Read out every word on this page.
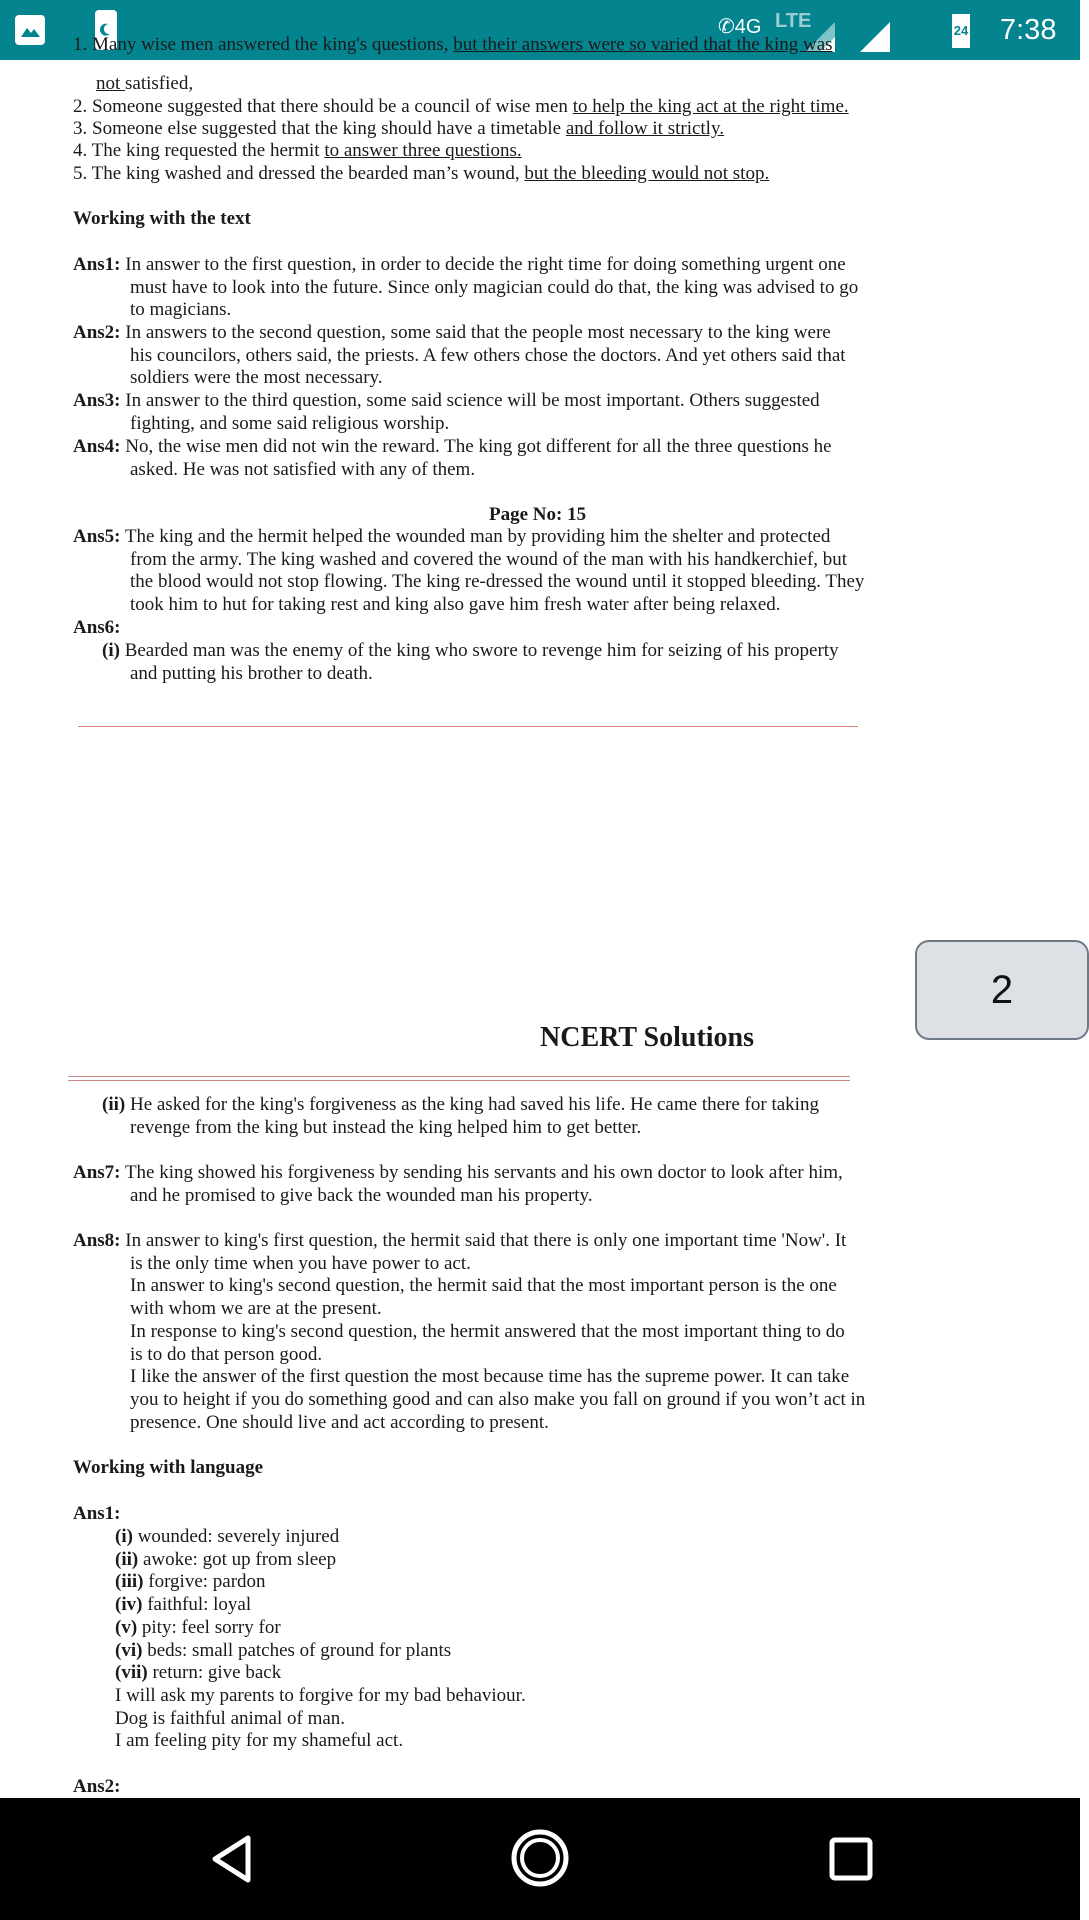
✆4G LTE	24 7:38
1. Many wise men answered the king's questions, but their answers were so varied that the king was
not satisfied,
2. Someone suggested that there should be a council of wise men to help the king act at the right time.
3. Someone else suggested that the king should have a timetable and follow it strictly.
4. The king requested the hermit to answer three questions.
5. The king washed and dressed the bearded man’s wound, but the bleeding would not stop.
Working with the text
Ans1: In answer to the first question, in order to decide the right time for doing something urgent one
must have to look into the future. Since only magician could do that, the king was advised to go
to magicians.
Ans2: In answers to the second question, some said that the people most necessary to the king were
his councilors, others said, the priests. A few others chose the doctors. And yet others said that
soldiers were the most necessary.
Ans3: In answer to the third question, some said science will be most important. Others suggested
fighting, and some said religious worship.
Ans4: No, the wise men did not win the reward. The king got different for all the three questions he
asked. He was not satisfied with any of them.
Page No: 15
Ans5: The king and the hermit helped the wounded man by providing him the shelter and protected
from the army. The king washed and covered the wound of the man with his handkerchief, but
the blood would not stop flowing. The king re-dressed the wound until it stopped bleeding. They
took him to hut for taking rest and king also gave him fresh water after being relaxed.
Ans6:
(i) Bearded man was the enemy of the king who swore to revenge him for seizing of his property
and putting his brother to death.
2
NCERT Solutions
(ii) He asked for the king's forgiveness as the king had saved his life. He came there for taking
revenge from the king but instead the king helped him to get better.
Ans7: The king showed his forgiveness by sending his servants and his own doctor to look after him,
and he promised to give back the wounded man his property.
Ans8: In answer to king's first question, the hermit said that there is only one important time 'Now'. It
is the only time when you have power to act.
In answer to king's second question, the hermit said that the most important person is the one
with whom we are at the present.
In response to king's second question, the hermit answered that the most important thing to do
is to do that person good.
I like the answer of the first question the most because time has the supreme power. It can take
you to height if you do something good and can also make you fall on ground if you won’t act in
presence. One should live and act according to present.
Working with language
Ans1:
(i) wounded: severely injured
(ii) awoke: got up from sleep
(iii) forgive: pardon
(iv) faithful: loyal
(v) pity: feel sorry for
(vi) beds: small patches of ground for plants
(vii) return: give back
I will ask my parents to forgive for my bad behaviour.
Dog is faithful animal of man.
I am feeling pity for my shameful act.
Ans2:
